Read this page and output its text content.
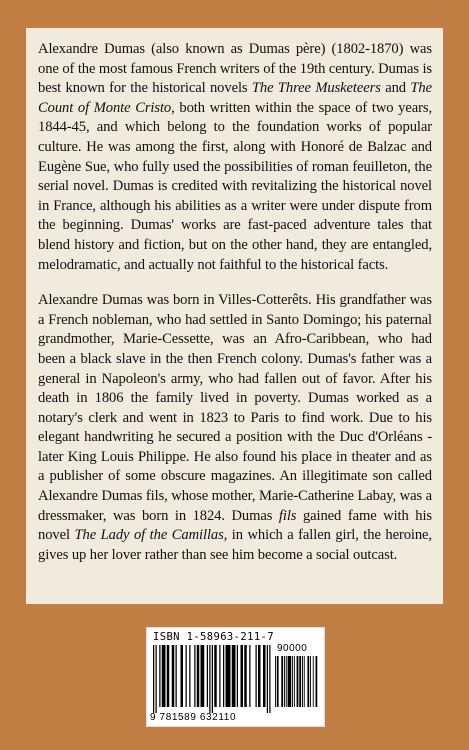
Alexandre Dumas (also known as Dumas père) (1802-1870) was one of the most famous French writers of the 19th century. Dumas is best known for the historical novels The Three Musketeers and The Count of Monte Cristo, both written within the space of two years, 1844-45, and which belong to the foundation works of popular culture. He was among the first, along with Honoré de Balzac and Eugène Sue, who fully used the possibilities of roman feuilleton, the serial novel. Dumas is credited with revitalizing the historical novel in France, although his abilities as a writer were under dispute from the beginning. Dumas' works are fast-paced adventure tales that blend history and fiction, but on the other hand, they are entangled, melodramatic, and actually not faithful to the historical facts.

Alexandre Dumas was born in Villes-Cotterêts. His grandfather was a French nobleman, who had settled in Santo Domingo; his paternal grandmother, Marie-Cessette, was an Afro-Caribbean, who had been a black slave in the then French colony. Dumas's father was a general in Napoleon's army, who had fallen out of favor. After his death in 1806 the family lived in poverty. Dumas worked as a notary's clerk and went in 1823 to Paris to find work. Due to his elegant handwriting he secured a position with the Duc d'Orléans - later King Louis Philippe. He also found his place in theater and as a publisher of some obscure magazines. An illegitimate son called Alexandre Dumas fils, whose mother, Marie-Catherine Labay, was a dressmaker, was born in 1824. Dumas fils gained fame with his novel The Lady of the Camillas, in which a fallen girl, the heroine, gives up her lover rather than see him become a social outcast.

ISBN 1-58963-211-7
90000
9 781589 632110
